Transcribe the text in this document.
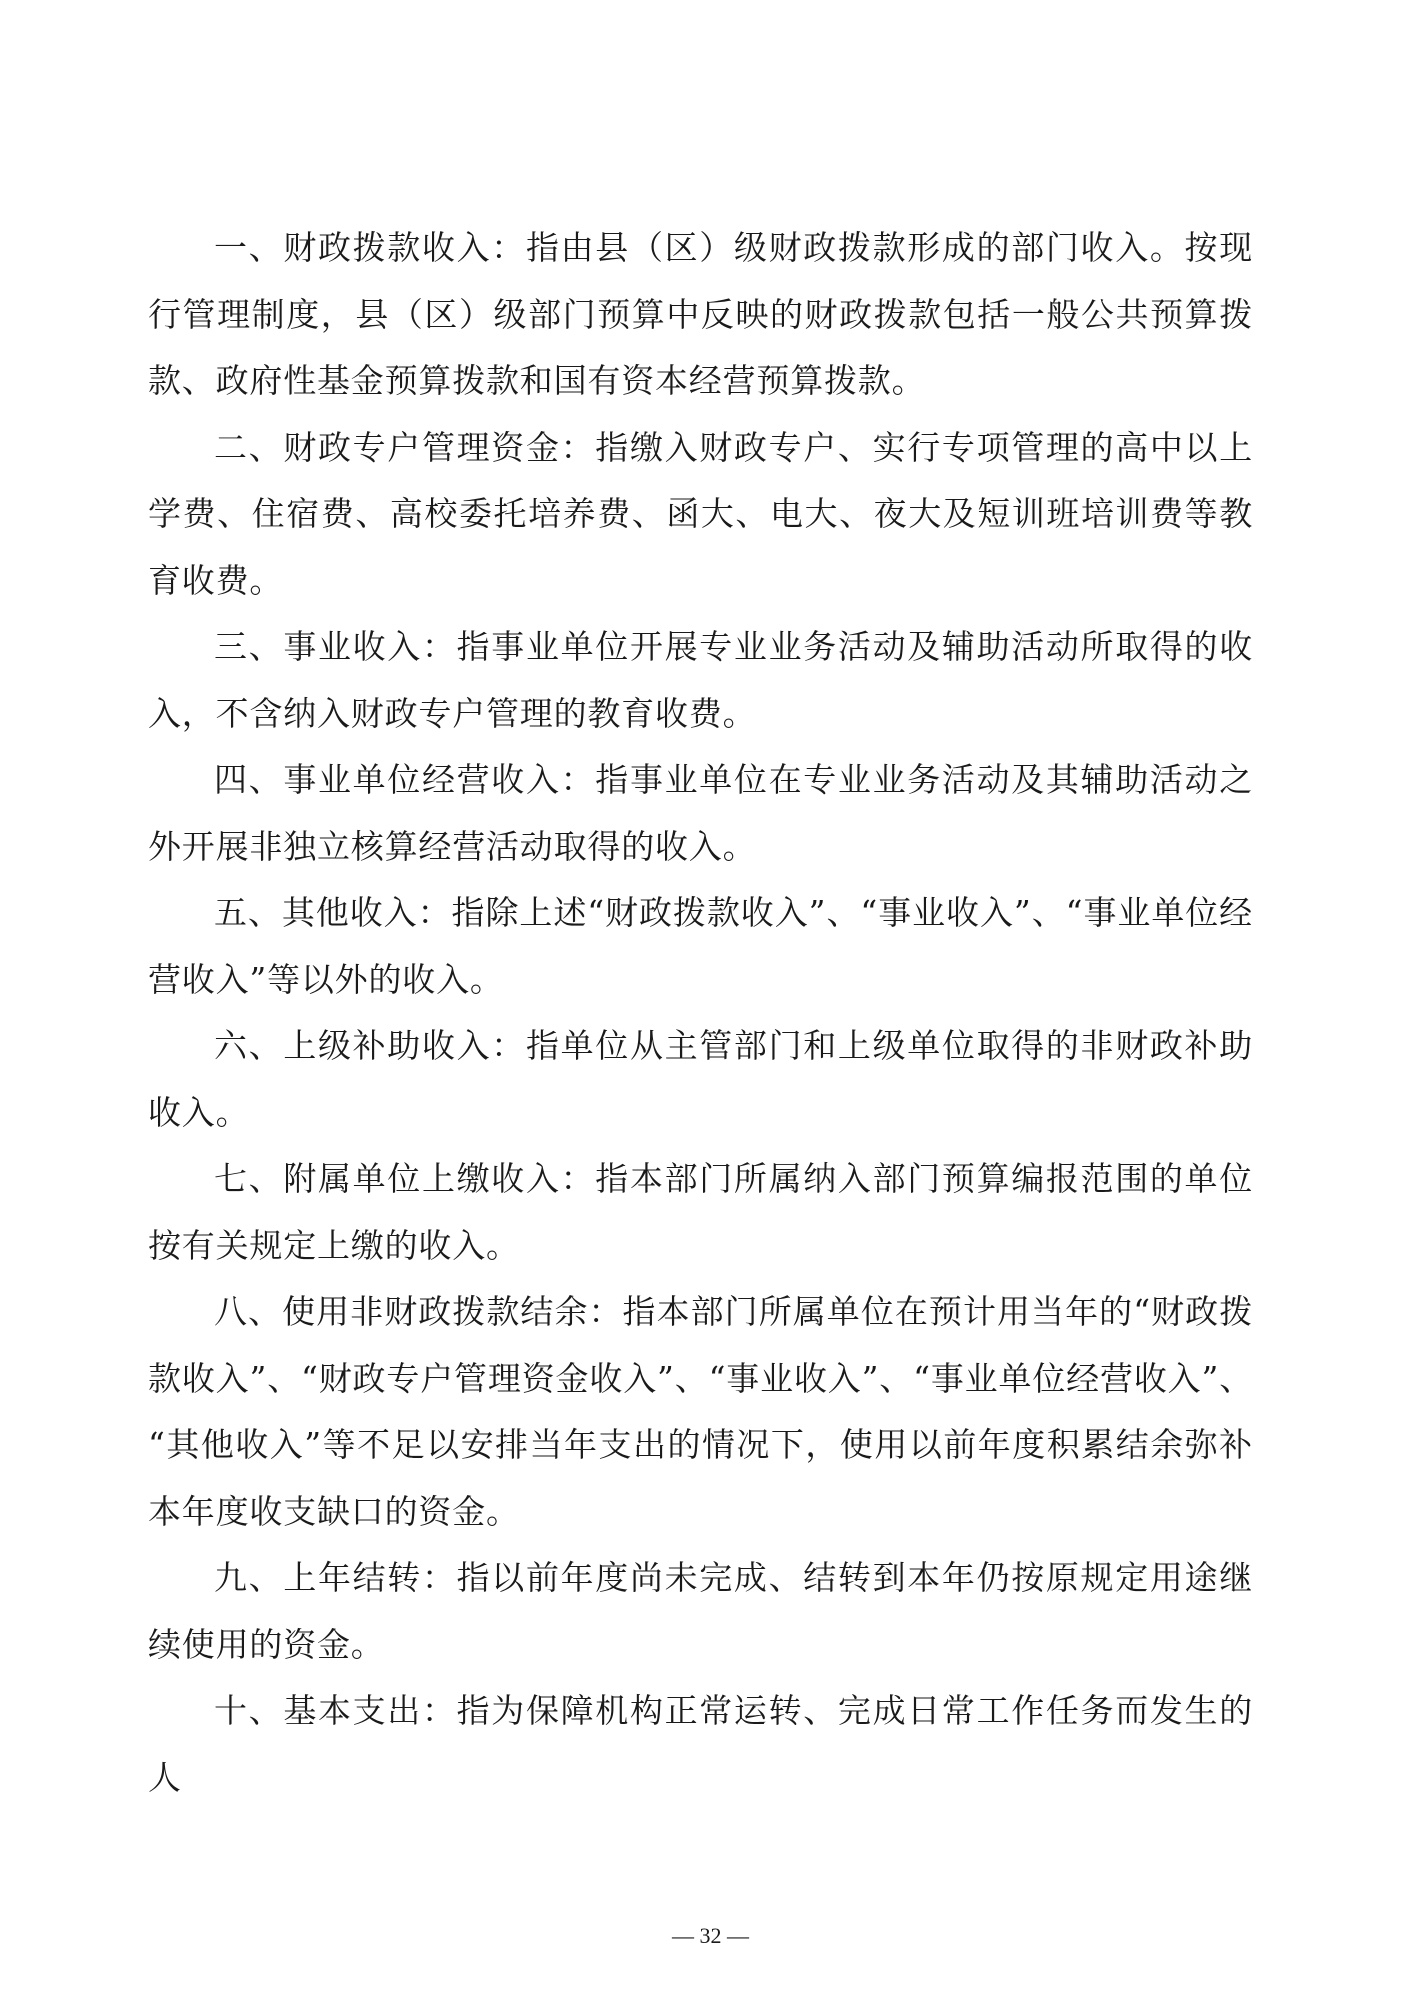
一、财政拨款收入：指由县（区）级财政拨款形成的部门收入。按现行管理制度，县（区）级部门预算中反映的财政拨款包括一般公共预算拨款、政府性基金预算拨款和国有资本经营预算拨款。

二、财政专户管理资金：指缴入财政专户、实行专项管理的高中以上学费、住宿费、高校委托培养费、函大、电大、夜大及短训班培训费等教育收费。

三、事业收入：指事业单位开展专业业务活动及辅助活动所取得的收入，不含纳入财政专户管理的教育收费。

四、事业单位经营收入：指事业单位在专业业务活动及其辅助活动之外开展非独立核算经营活动取得的收入。

五、其他收入：指除上述“财政拨款收入”、“事业收入”、“事业单位经营收入”等以外的收入。

六、上级补助收入：指单位从主管部门和上级单位取得的非财政补助收入。

七、附属单位上缴收入：指本部门所属纳入部门预算编报范围的单位按有关规定上缴的收入。

八、使用非财政拨款结余：指本部门所属单位在预计用当年的“财政拨款收入”、“财政专户管理资金收入”、“事业收入”、“事业单位经营收入”、“其他收入”等不足以安排当年支出的情况下，使用以前年度积累结余弥补本年度收支缺口的资金。

九、上年结转：指以前年度尚未完成、结转到本年仍按原规定用途继续使用的资金。

十、基本支出：指为保障机构正常运转、完成日常工作任务而发生的人

— 32 —
